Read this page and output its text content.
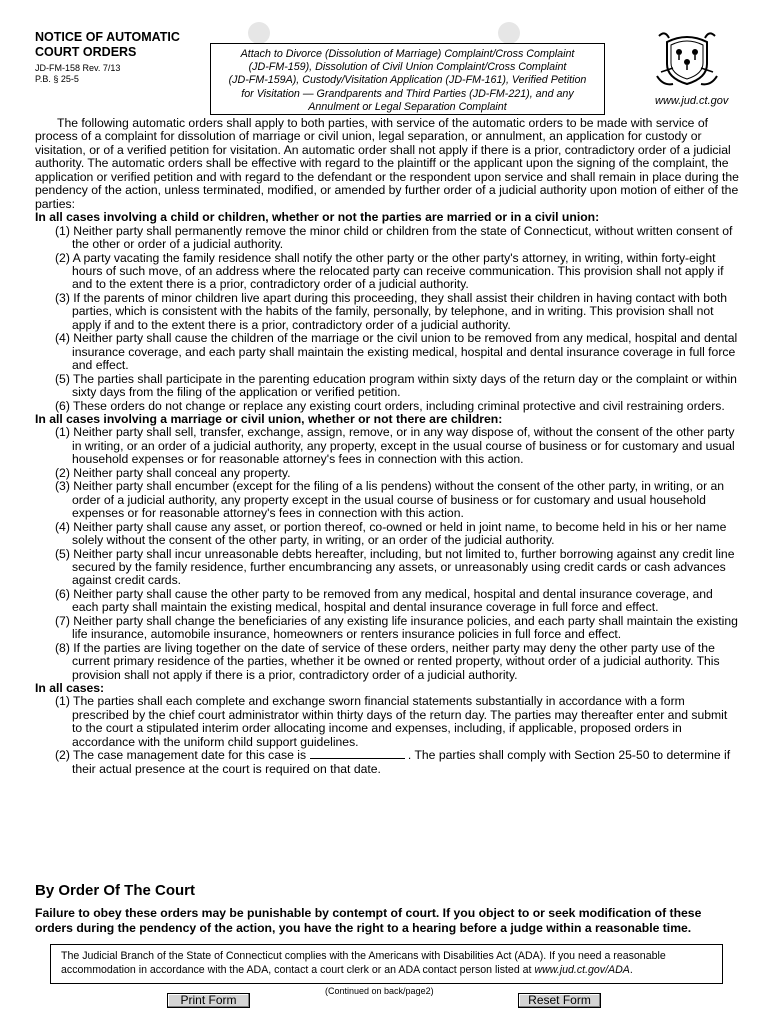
NOTICE OF AUTOMATIC
COURT ORDERS
JD-FM-158 Rev. 7/13
P.B. § 25-5
Attach to Divorce (Dissolution of Marriage) Complaint/Cross Complaint
(JD-FM-159), Dissolution of Civil Union Complaint/Cross Complaint
(JD-FM-159A), Custody/Visitation Application (JD-FM-161), Verified Petition
for Visitation — Grandparents and Third Parties (JD-FM-221), and any
Annulment or Legal Separation Complaint	www.jud.ct.gov

The following automatic orders shall apply to both parties, with service of the automatic orders to be made with service of process of a complaint for dissolution of marriage or civil union, legal separation, or annulment, an application for custody or visitation, or of a verified petition for visitation. An automatic order shall not apply if there is a prior, contradictory order of a judicial authority. The automatic orders shall be effective with regard to the plaintiff or the applicant upon the signing of the complaint, the application or verified petition and with regard to the defendant or the respondent upon service and shall remain in place during the pendency of the action, unless terminated, modified, or amended by further order of a judicial authority upon motion of either of the parties:

In all cases involving a child or children, whether or not the parties are married or in a civil union:

(1) Neither party shall permanently remove the minor child or children from the state of Connecticut, without written consent of the other or order of a judicial authority.

(2) A party vacating the family residence shall notify the other party or the other party's attorney, in writing, within forty-eight hours of such move, of an address where the relocated party can receive communication. This provision shall not apply if and to the extent there is a prior, contradictory order of a judicial authority.

(3) If the parents of minor children live apart during this proceeding, they shall assist their children in having contact with both parties, which is consistent with the habits of the family, personally, by telephone, and in writing. This provision shall not apply if and to the extent there is a prior, contradictory order of a judicial authority.

(4) Neither party shall cause the children of the marriage or the civil union to be removed from any medical, hospital and dental insurance coverage, and each party shall maintain the existing medical, hospital and dental insurance coverage in full force and effect.

(5) The parties shall participate in the parenting education program within sixty days of the return day or the complaint or within sixty days from the filing of the application or verified petition.

(6) These orders do not change or replace any existing court orders, including criminal protective and civil restraining orders.

In all cases involving a marriage or civil union, whether or not there are children:

(1) Neither party shall sell, transfer, exchange, assign, remove, or in any way dispose of, without the consent of the other party in writing, or an order of a judicial authority, any property, except in the usual course of business or for customary and usual household expenses or for reasonable attorney's fees in connection with this action.

(2) Neither party shall conceal any property.

(3) Neither party shall encumber (except for the filing of a lis pendens) without the consent of the other party, in writing, or an order of a judicial authority, any property except in the usual course of business or for customary and usual household expenses or for reasonable attorney's fees in connection with this action.

(4) Neither party shall cause any asset, or portion thereof, co-owned or held in joint name, to become held in his or her name solely without the consent of the other party, in writing, or an order of the judicial authority.

(5) Neither party shall incur unreasonable debts hereafter, including, but not limited to, further borrowing against any credit line secured by the family residence, further encumbrancing any assets, or unreasonably using credit cards or cash advances against credit cards.

(6) Neither party shall cause the other party to be removed from any medical, hospital and dental insurance coverage, and each party shall maintain the existing medical, hospital and dental insurance coverage in full force and effect.

(7) Neither party shall change the beneficiaries of any existing life insurance policies, and each party shall maintain the existing life insurance, automobile insurance, homeowners or renters insurance policies in full force and effect.

(8) If the parties are living together on the date of service of these orders, neither party may deny the other party use of the current primary residence of the parties, whether it be owned or rented property, without order of a judicial authority. This provision shall not apply if there is a prior, contradictory order of a judicial authority.

In all cases:

(1) The parties shall each complete and exchange sworn financial statements substantially in accordance with a form prescribed by the chief court administrator within thirty days of the return day. The parties may thereafter enter and submit to the court a stipulated interim order allocating income and expenses, including, if applicable, proposed orders in accordance with the uniform child support guidelines.

(2) The case management date for this case is	. The parties shall comply with Section 25-50 to determine if their actual presence at the court is required on that date.

By Order Of The Court
Failure to obey these orders may be punishable by contempt of court. If you object to or seek modification of these orders during the pendency of the action, you have the right to a hearing before a judge within a reasonable time.
The Judicial Branch of the State of Connecticut complies with the Americans with Disabilities Act (ADA). If you need a reasonable accommodation in accordance with the ADA, contact a court clerk or an ADA contact person listed at www.jud.ct.gov/ADA.
(Continued on back/page2)
Print Form	Reset Form
